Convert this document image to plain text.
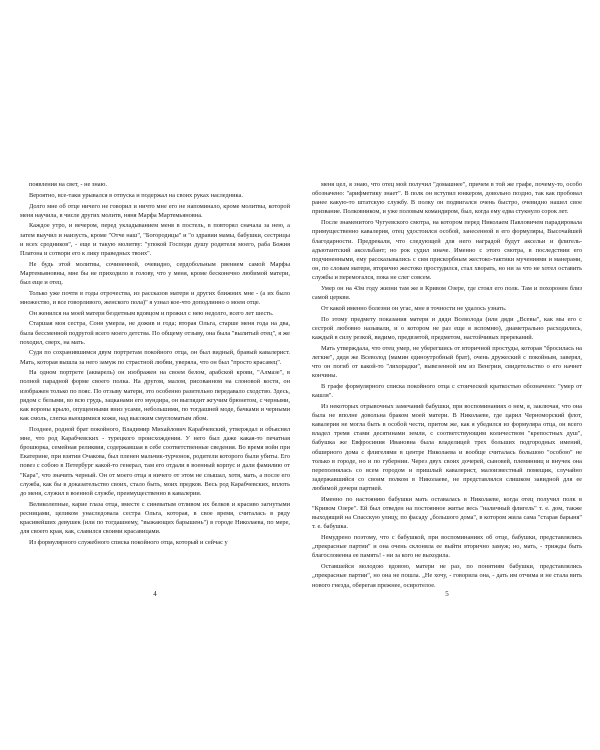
появления на свет, - не знаю.

Вероятно, все-таки урывался в отпуска и подержал на своих руках наследника.

Долго мне об отце ничего не говорил и ничто мне его не напоминало, кроме молитвы, которой меня научила, в числе других молитв, няня Марфа Мартемьяновна.

Каждое утро, и вечером, перед укладыванием меня в постель, в повторял сначала за нею, а затем выучил и наизусть, кроме "Отче наш", "Богородицы" и "о здравии мамы, бабушки, сестрицы и всех сродников", - еще и такую молитву: "упокой Господи душу родителя моего, раба Божия Платона и сотвори его к лику праведных твоих".

Не будь этой молитвы, сочиненной, очевидно, сердобольным рвением самой Марфы Мартемьяновны, мне бы не приходило в голову, что у меня, кроме бесконечно любимой матери, был еще и отец.

Только уже почти в годы отрочества, из рассказов матери и других ближних мне - (а их было множество, и все говорливого, женского пола)" я узнал кое-что доподлинно о моем отце.

Он женился на моей матери бездетным вдовцом и прожил с нею недолго, всего лет шесть.

Старшая моя сестра, Соня умерла, не дожив и года; вторая Ольга, старше меня года на два, была бессменной подругой всего моего детства. По общему отзыву, она была "вылитый отец", я же походил, сверх, на мать.

Судя по сохранившимся двум портретам покойного отца, он был видный, бравый кавалерист. Мать, которая вышла за него замуж по страстной любви, уверяла, что он был "просто красавец".

На одном портрете (акварель) он изображен на своем белом, арабской крови, "Алмазе", в полной парадной форме своего полка. На другом, малом, рисованном на слоновой кости, он изображен только по пояс. По отзыву матери, это особенно разительно передавало сходство. Здесь, рядом с белыми, во всю грудь, зацканами его мундира, он выглядит жгучим брюнетом, с черными, как вороны крыло, опущенными вниз усами, небольшими, по тогдашней моде, бачками и черными как смоль, слегка вьющимися кожи, над высоким смугломатым лбом.

Позднее, родной брат покойного, Владимир Михайлович Карабчевский, утверждал и объяснял мне, что род Карабчевских - турецкого происхождения. У него был даже какая-то печатная брошюрка, семейная реликвия, содержавшая в себе соответственные сведения. Во время войн при Екатерине, при взятии Очакова, был пленен мальчик-турчонок, родители которого были убиты. Его повез с собою в Петербург какой-то генерал, там его отдали в военный корпус и дали фамилию от "Кара", что значить черный. Он от моего отца я ничего от этом не слышал, хотя, мать, а после его служба, как бы в доказательство своих, стало быть, моих предков. Весь род Карабчевских, вплоть до меня, служил в военной службе, преимущественно в кавалерии.

Великолепные, карие глаза отца, вместе с синеватым отливом их белков и красиво загнутыми ресницами, целиком унаследовала сестра Ольга, которая, в свое время, считалась в ряду красивейших девушек (или по тогдашнему, "выжающих барышень") в городе Николаевa, по мере, для своего края, как, славился своими красавицами.

Из формулярного служебного списка покойного отца, который и сейчас у

4

меня цел, я знаю, что отец мой получил "домашнее", причем в той же графе, почему-то, особо обозначено: "арифметику знает". В полк он вступил юнкером, довольно поздно, так как пробовал ранее какую-то штатскую службу. В полку он подвигался очень быстро, очевидно нашел свое призвание. Полковником, и уже половым командиром, был, когда ему едва стукнуло сорок лет.

После знаменитого Чугуевского смотра, на котором перед Николаем Павловичем парадировала примуществeнно кавалерия, отец удостоился особой, занесенной в его формуляры, Высочайшей благодарности. Предрекали, что следующей для него наградой будут аксельи и флигель-адъютантский аксельбант; но рок судил иначе. Именно с этого смотра, в последствии его подчиненными, ему рассказывались с сим прискорбным жестоко-тактики мучениями и манерами, он, по словам матери, вторично жестоко простудился, стал хворать, но ни за что не хотел оставить службы и перемогался, пока не слег совсем.

Умер он на 43м году жизни там же в Кривом Озере, где стоял его полк. Там и похоронен близ самой церкви.

От какой именно болезни он угас, мне в точности не удалось узнать.

По этому предмету показания матери и дяди Всеволода (или дяди „Всевы", как мы его с сестрой любовно называли, и о котором не раз еще я вспомню), диаметрально расходились, каждый в силу резкой, видимо, предвзятой, предметом, настойчивых пререканий.

Мать утверждала, что отец умер, не уберегшись от вторичной простуды, которая "бросилась на легкие", дядя же Всеволод (мамин единоутробный брат), очень дружеский с покойным, заверял, что он погиб от какой-то "лихорадки", вывезенной им из Венгрии, свидетельство о его начнет кончины.

В графе формулярного списка покойного отца с стоической краткостью обозначено: "умер от кашля".

Из некоторых отрывочных замечаний бабушки, при воспоминаниях о нем, я, заключая, что она была не вполне довольна браком моей матери. В Николаеве, где царил Черноморский флот, кавалерия не могла быть в особой чести, притом же, как я убедился из формуляра отца, он всего владел тремя стами десятинами земли, с соответствующим количеством "крепостных душ", бабушка же Евфросиния Ивановна была владелицей трех больших подгородных имений, обширного дома с флигелями в центре Николаева и вообще считалась большою "особою" не только в городе, но и по губернии. Через двух своих дочерей, сыновей, племянниц и внучек она переполнялась со всем городом и пришлый кавалерист, малоизвестный помещик, случайно задержавшийся со своим полком в Николаеве, не представлялся слишком завидной для ее любимой дочери партией.

Именно по настоянию бабушки мать оставалась в Николаеве, когда отец получил полк в "Кривом Озере". Ей был отведен на постоянное житье весь "наличный флигель" т. е. дом, также выходящий на Спасскую улицу, по фасаду „большого дома", в котором жила сама "старая барыня" т. е. бабушка.

Немудрено поэтому, что с бабушкой, при воспоминаниях об отце, бабушки, представлялись „прекрасные партии" и она очень склоняла ее выйти вторично замуж; но, мать, - трижды быть благословенна ее память! - ни за кого не выходила.

Оставшейся молодою вдовою, матери не раз, по понятиям бабушки, представлялись „прекрасные партии", но она не пошла. „Не хочу, - говорила она, - дать им отчима и не стала вить нового гнезда, оберегая прежнее, осиротелое.

5
